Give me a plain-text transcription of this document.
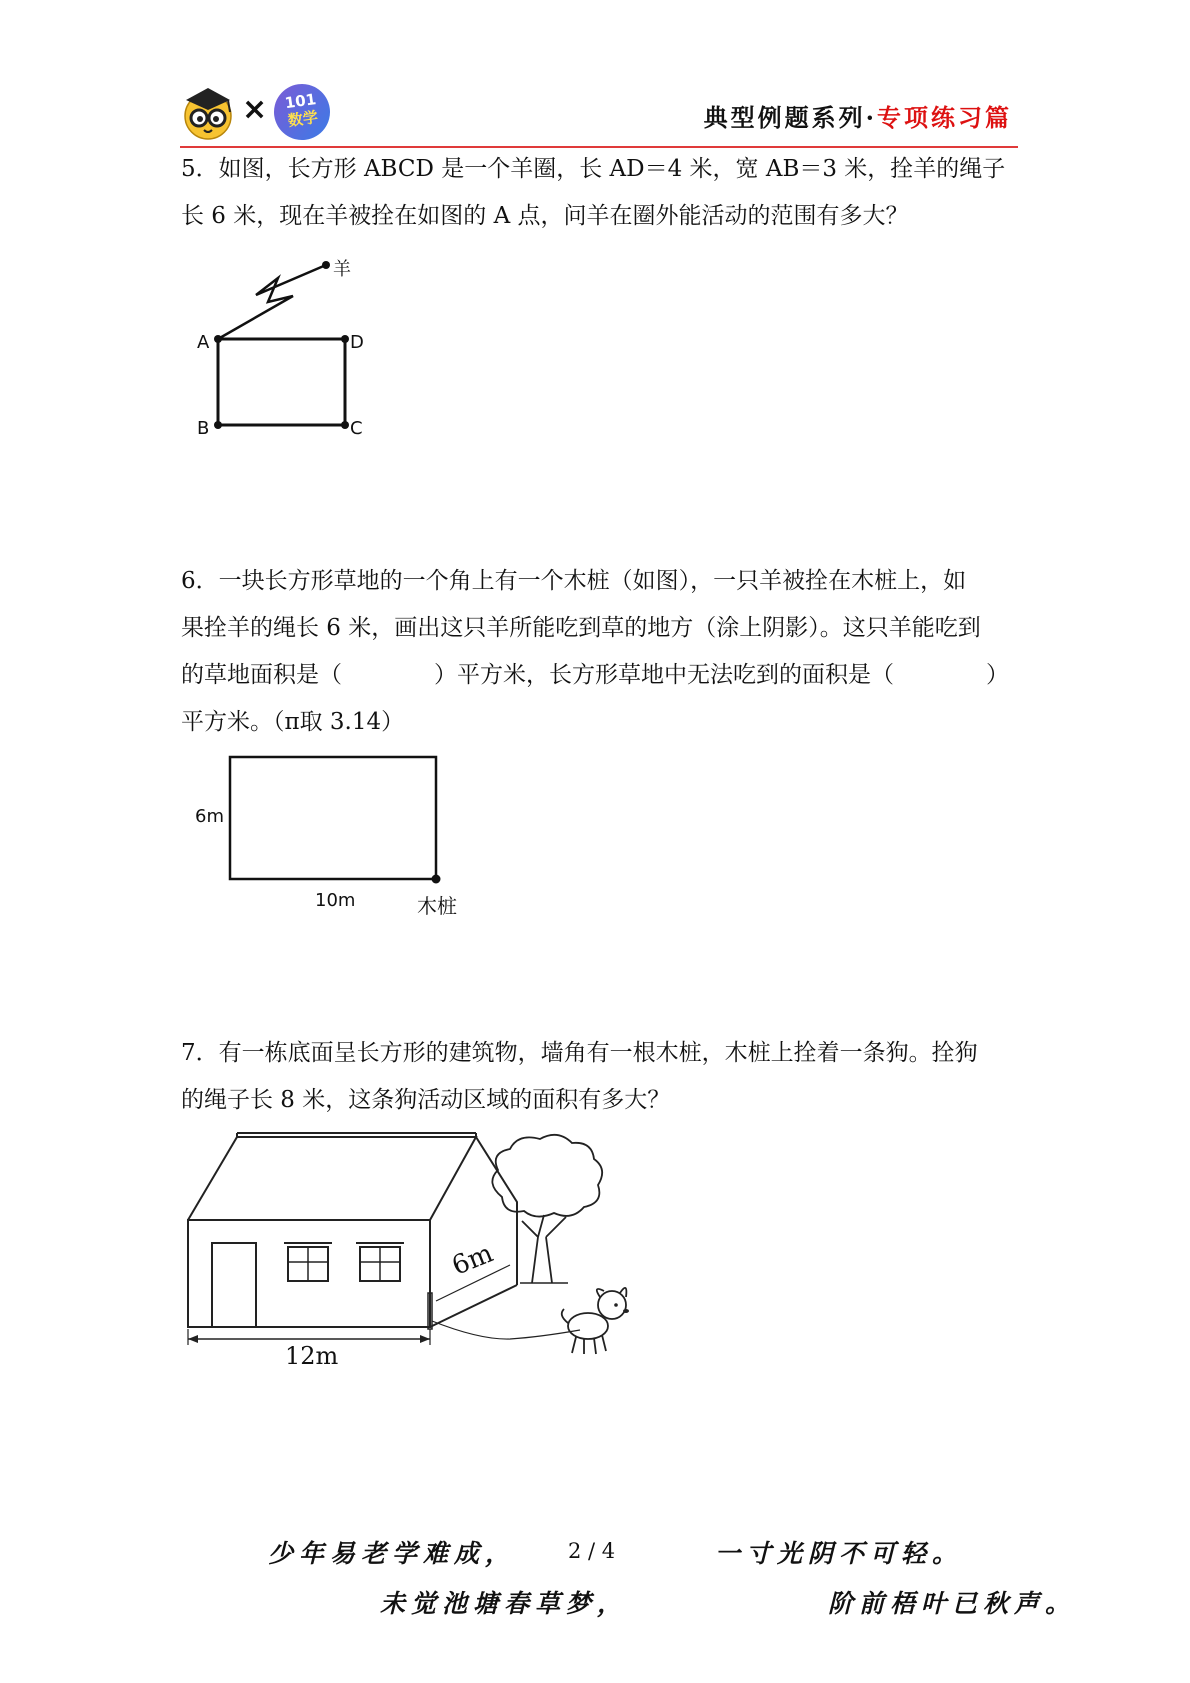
×	101
数学	典型例题系列·专项练习篇

5．如图，长方形 ABCD 是一个羊圈，长 AD＝4 米，宽 AB＝3 米，拴羊的绳子

长 6 米，现在羊被拴在如图的 A 点，问羊在圈外能活动的范围有多大？

羊
A	D
B	C

6．一块长方形草地的一个角上有一个木桩（如图），一只羊被拴在木桩上，如

果拴羊的绳长 6 米，画出这只羊所能吃到草的地方（涂上阴影）。这只羊能吃到

的草地面积是（　　　　）平方米，长方形草地中无法吃到的面积是（　　　　）

平方米。（π取 3.14）

6m
10m	木桩

7．有一栋底面呈长方形的建筑物，墙角有一根木桩，木桩上拴着一条狗。拴狗

的绳子长 8 米，这条狗活动区域的面积有多大？

6m
12m
少年易老学难成， 2 / 4	一寸光阴不可轻。
未觉池塘春草梦，	阶前梧叶已秋声。
